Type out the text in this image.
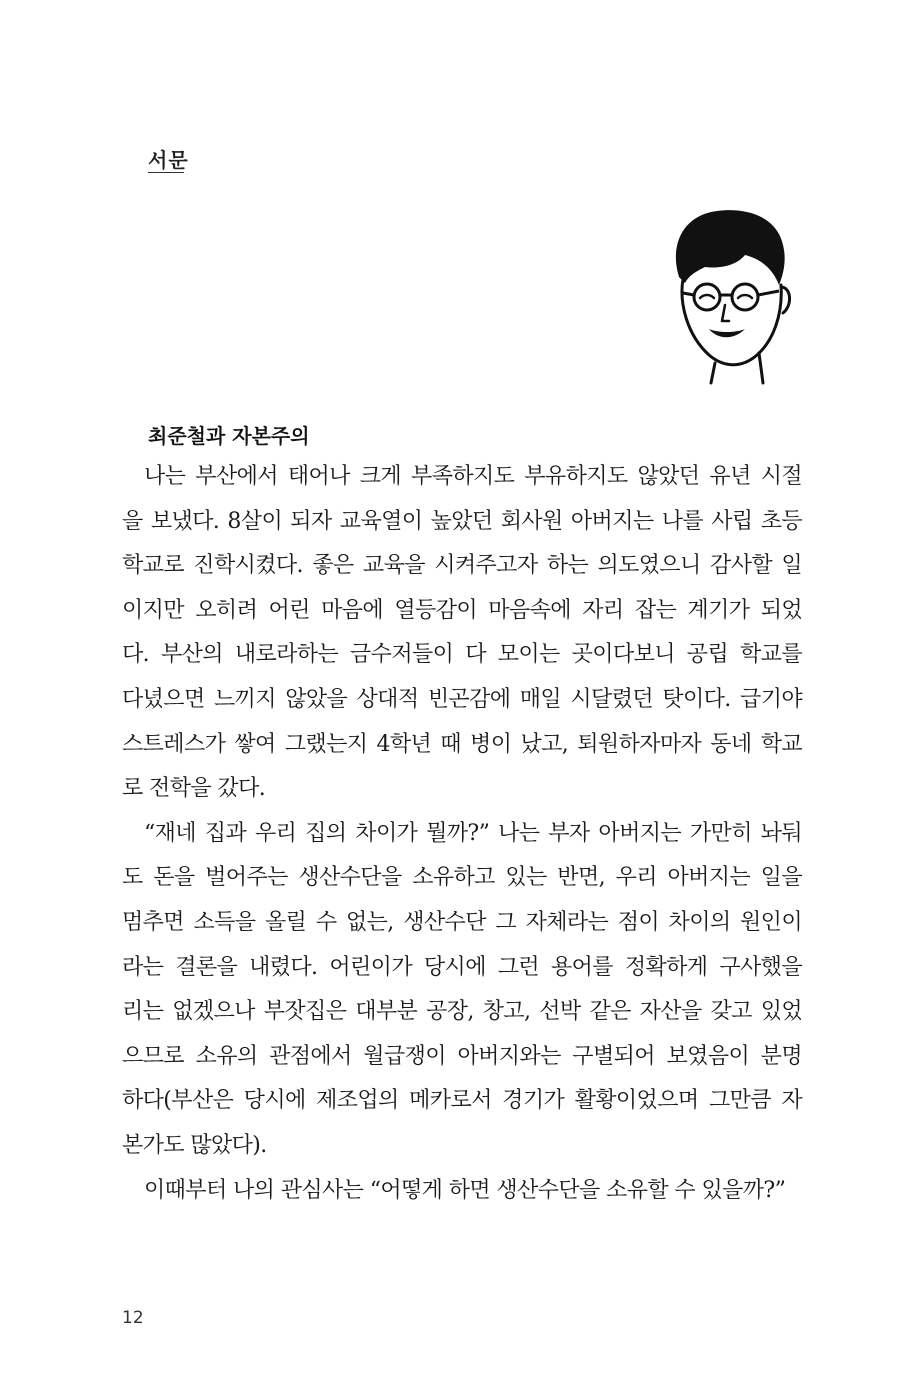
서문
최준철과 자본주의
나는 부산에서 태어나 크게 부족하지도 부유하지도 않았던 유년 시절
을 보냈다. 8살이 되자 교육열이 높았던 회사원 아버지는 나를 사립 초등
학교로 진학시켰다. 좋은 교육을 시켜주고자 하는 의도였으니 감사할 일
이지만 오히려 어린 마음에 열등감이 마음속에 자리 잡는 계기가 되었
다. 부산의 내로라하는 금수저들이 다 모이는 곳이다보니 공립 학교를
다녔으면 느끼지 않았을 상대적 빈곤감에 매일 시달렸던 탓이다. 급기야
스트레스가 쌓여 그랬는지 4학년 때 병이 났고, 퇴원하자마자 동네 학교
로 전학을 갔다.
“재네 집과 우리 집의 차이가 뭘까?” 나는 부자 아버지는 가만히 놔둬
도 돈을 벌어주는 생산수단을 소유하고 있는 반면, 우리 아버지는 일을
멈추면 소득을 올릴 수 없는, 생산수단 그 자체라는 점이 차이의 원인이
라는 결론을 내렸다. 어린이가 당시에 그런 용어를 정확하게 구사했을
리는 없겠으나 부잣집은 대부분 공장, 창고, 선박 같은 자산을 갖고 있었
으므로 소유의 관점에서 월급쟁이 아버지와는 구별되어 보였음이 분명
하다(부산은 당시에 제조업의 메카로서 경기가 활황이었으며 그만큼 자
본가도 많았다).
이때부터 나의 관심사는 “어떻게 하면 생산수단을 소유할 수 있을까?”
12
